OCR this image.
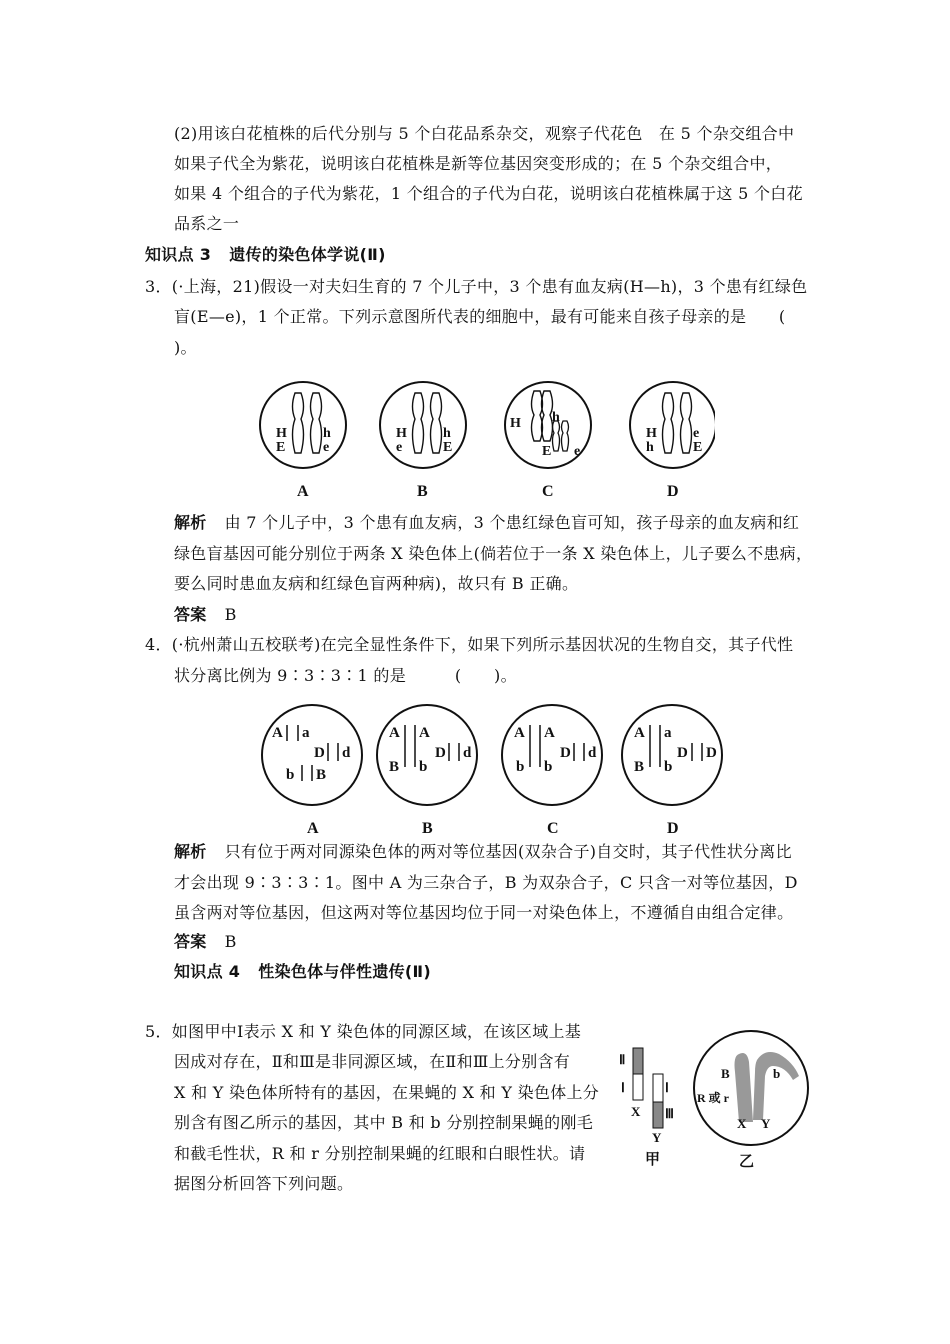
(2)用该白花植株的后代分别与 5 个白花品系杂交，观察子代花色　在 5 个杂交组合中
如果子代全为紫花，说明该白花植株是新等位基因突变形成的；在 5 个杂交组合中，
如果 4 个组合的子代为紫花，1 个组合的子代为白花，说明该白花植株属于这 5 个白花
品系之一
知识点 3 遗传的染色体学说(Ⅱ)
3．(·上海，21)假设一对夫妇生育的 7 个儿子中，3 个患有血友病(H—h)，3 个患有红绿色
盲(E—e)，1 个正常。下列示意图所代表的细胞中，最有可能来自孩子母亲的是　　(
)。
H
E
h
e
H
e
h
E
H h
E e
H
h
e
E
A	B	C	D
解析 由 7 个儿子中，3 个患有血友病，3 个患红绿色盲可知，孩子母亲的血友病和红
绿色盲基因可能分别位于两条 X 染色体上(倘若位于一条 X 染色体上，儿子要么不患病，
要么同时患血友病和红绿色盲两种病)，故只有 B 正确。
答案 B
4．(·杭州萧山五校联考)在完全显性条件下，如果下列所示基因状况的生物自交，其子代性
状分离比例为 9∶3∶3∶1 的是　　　(　　)。
A a
D d
b B
A A
B b
D d
A A
b b
D d
A a
B b
D D
A	B	C	D
解析 只有位于两对同源染色体的两对等位基因(双杂合子)自交时，其子代性状分离比
才会出现 9∶3∶3∶1。图中 A 为三杂合子，B 为双杂合子，C 只含一对等位基因，D
虽含两对等位基因，但这两对等位基因均位于同一对染色体上，不遵循自由组合定律。
答案 B
知识点 4 性染色体与伴性遗传(Ⅱ)
5．如图甲中Ⅰ表示 X 和 Y 染色体的同源区域，在该区域上基
因成对存在，Ⅱ和Ⅲ是非同源区域，在Ⅱ和Ⅲ上分别含有
X 和 Y 染色体所特有的基因，在果蝇的 X 和 Y 染色体上分
别含有图乙所示的基因，其中 B 和 b 分别控制果蝇的刚毛
和截毛性状，R 和 r 分别控制果蝇的红眼和白眼性状。请
据图分析回答下列问题。
Ⅱ
Ⅰ
X
Ⅰ
Ⅲ
Y
甲
B
R 或 r
b
X Y
乙
